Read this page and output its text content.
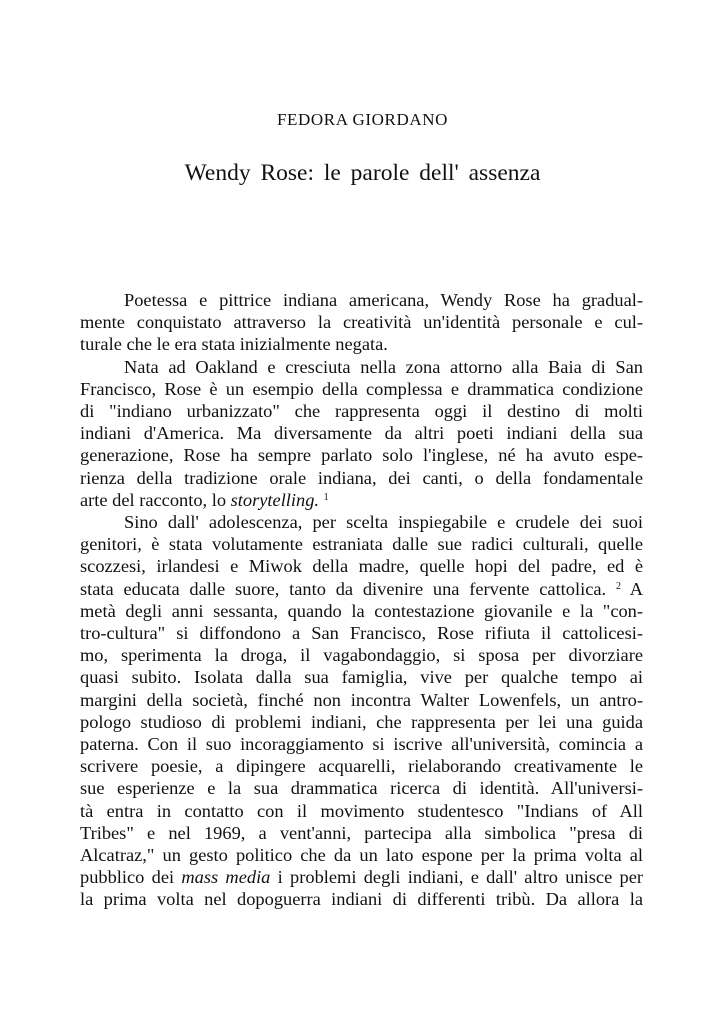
FEDORA GIORDANO
Wendy Rose: le parole dell' assenza
Poetessa e pittrice indiana americana, Wendy Rose ha gradual-
mente conquistato attraverso la creatività un'identità personale e cul-
turale che le era stata inizialmente negata.
Nata ad Oakland e cresciuta nella zona attorno alla Baia di San
Francisco, Rose è un esempio della complessa e drammatica condizione
di "indiano urbanizzato" che rappresenta oggi il destino di molti
indiani d'America. Ma diversamente da altri poeti indiani della sua
generazione, Rose ha sempre parlato solo l'inglese, né ha avuto espe-
rienza della tradizione orale indiana, dei canti, o della fondamentale
arte del racconto, lo storytelling. $^1$
Sino dall' adolescenza, per scelta inspiegabile e crudele dei suoi
genitori, è stata volutamente estraniata dalle sue radici culturali, quelle
scozzesi, irlandesi e Miwok della madre, quelle hopi del padre, ed è
stata educata dalle suore, tanto da divenire una fervente cattolica. $^2$ A
metà degli anni sessanta, quando la contestazione giovanile e la "con-
tro-cultura" si diffondono a San Francisco, Rose rifiuta il cattolicesi-
mo, sperimenta la droga, il vagabondaggio, si sposa per divorziare
quasi subito. Isolata dalla sua famiglia, vive per qualche tempo ai
margini della società, finché non incontra Walter Lowenfels, un antro-
pologo studioso di problemi indiani, che rappresenta per lei una guida
paterna. Con il suo incoraggiamento si iscrive all'università, comincia a
scrivere poesie, a dipingere acquarelli, rielaborando creativamente le
sue esperienze e la sua drammatica ricerca di identità. All'universi-
tà entra in contatto con il movimento studentesco "Indians of All
Tribes" e nel 1969, a vent'anni, partecipa alla simbolica "presa di
Alcatraz," un gesto politico che da un lato espone per la prima volta al
pubblico dei mass media i problemi degli indiani, e dall' altro unisce per
la prima volta nel dopoguerra indiani di differenti tribù. Da allora la
